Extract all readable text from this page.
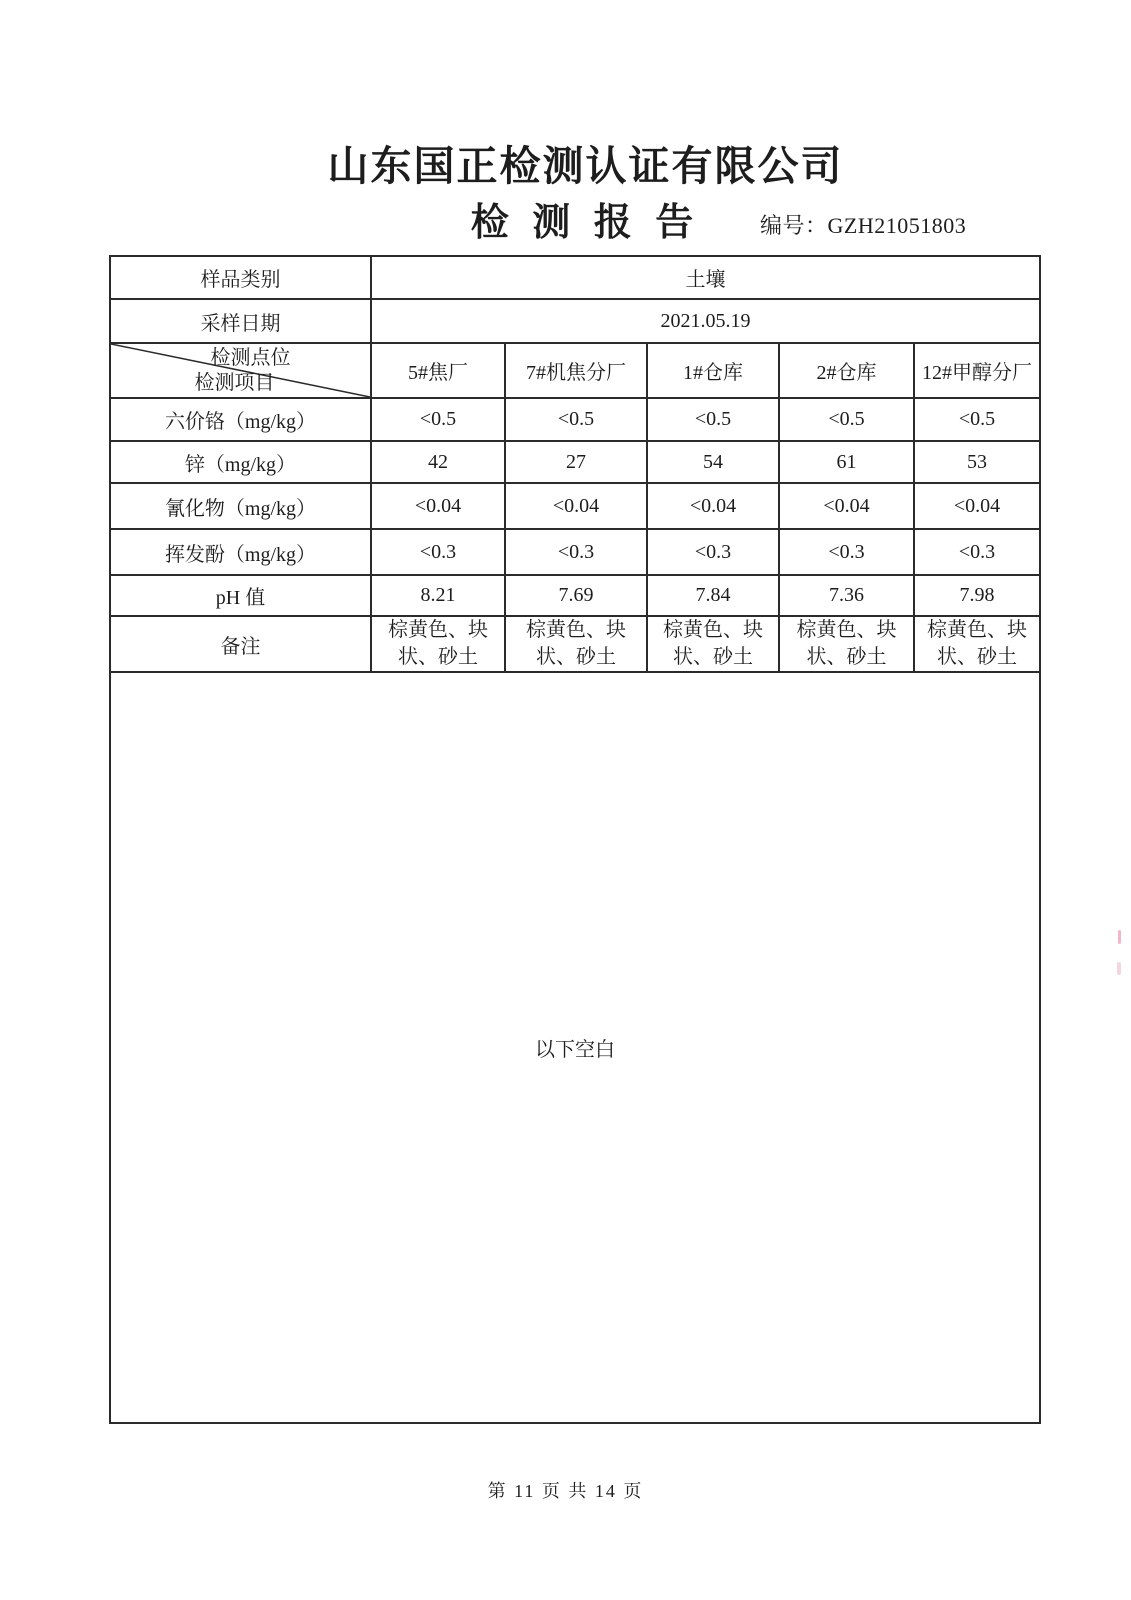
山东国正检测认证有限公司
检 测 报 告	编号：GZH21051803
样品类别	土壤				
采样日期	2021.05.19				

检测点位
检测项目	5#焦厂	7#机焦分厂	1#仓库	2#仓库	12#甲醇分厂
六价铬（mg/kg）	<0.5	<0.5	<0.5	<0.5	<0.5
锌（mg/kg）	42	27	54	61	53
氰化物（mg/kg）	<0.04	<0.04	<0.04	<0.04	<0.04
挥发酚（mg/kg）	<0.3	<0.3	<0.3	<0.3	<0.3
pH 值	8.21	7.69	7.84	7.36	7.98
备注	棕黄色、块状、砂土	棕黄色、块状、砂土	棕黄色、块状、砂土	棕黄色、块状、砂土	棕黄色、块状、砂土
以下空白					
第 11 页 共 14 页
